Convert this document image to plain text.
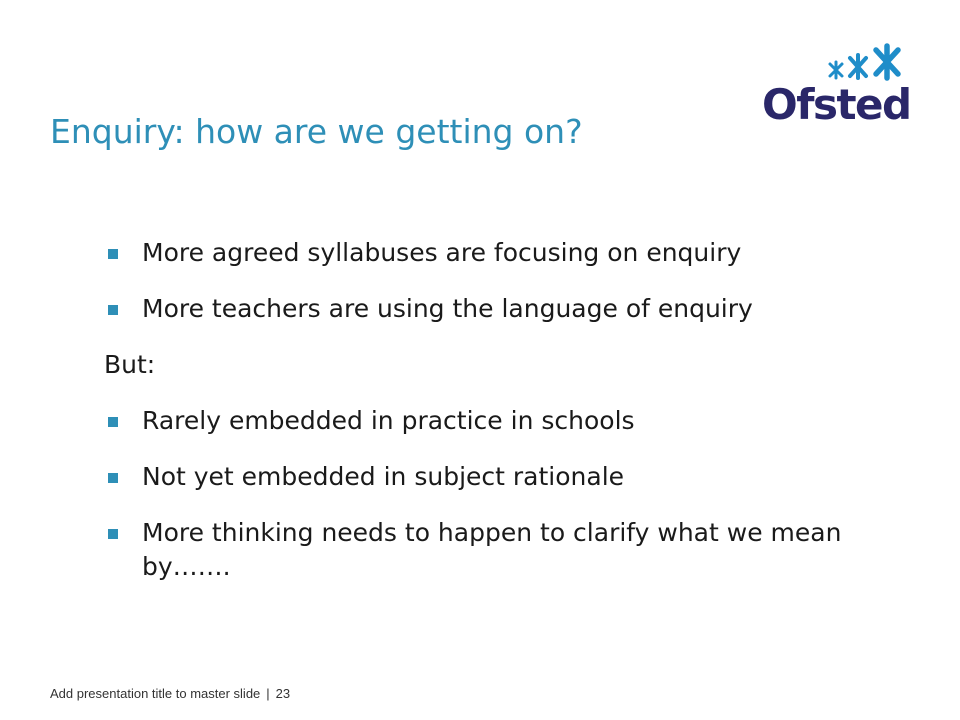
Enquiry: how are we getting on?
Ofsted
More agreed syllabuses are focusing on enquiry
More teachers are using the language of enquiry
But:
Rarely embedded in practice in schools
Not yet embedded in subject rationale
More thinking needs to happen to clarify what we mean by…….
Add presentation title to master slide | 23
